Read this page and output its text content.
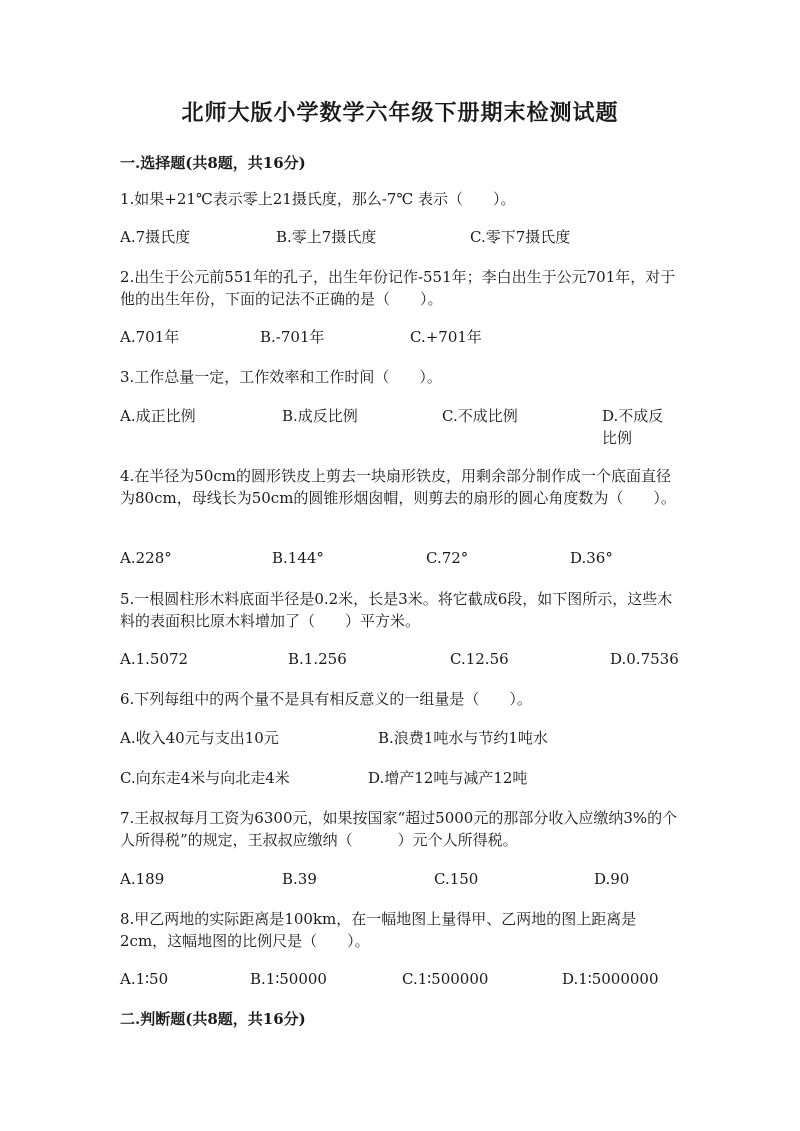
北师大版小学数学六年级下册期末检测试题
一.选择题(共8题，共16分)
1.如果+21℃表示零上21摄氏度，那么-7℃ 表示（　　）。
A.7摄氏度	B.零上7摄氏度	C.零下7摄氏度
2.出生于公元前551年的孔子，出生年份记作-551年；李白出生于公元701年，对于他的出生年份，下面的记法不正确的是（　　）。
A.701年	B.-701年	C.+701年
3.工作总量一定，工作效率和工作时间（　　）。
A.成正比例	B.成反比例	C.不成比例	D.不成反比例
4.在半径为50cm的圆形铁皮上剪去一块扇形铁皮，用剩余部分制作成一个底面直径为80cm，母线长为50cm的圆锥形烟囱帽，则剪去的扇形的圆心角度数为（　　）。
A.228°	B.144°	C.72°	D.36°
5.一根圆柱形木料底面半径是0.2米，长是3米。将它截成6段，如下图所示，这些木料的表面积比原木料增加了（　　）平方米。
A.1.5072	B.1.256	C.12.56	D.0.7536
6.下列每组中的两个量不是具有相反意义的一组量是（　　）。
A.收入40元与支出10元	B.浪费1吨水与节约1吨水
C.向东走4米与向北走4米	D.增产12吨与减产12吨
7.王叔叔每月工资为6300元，如果按国家“超过5000元的那部分收入应缴纳3%的个人所得税”的规定，王叔叔应缴纳（　　　）元个人所得税。
A.189	B.39	C.150	D.90
8.甲乙两地的实际距离是100km，在一幅地图上量得甲、乙两地的图上距离是2cm，这幅地图的比例尺是（　　）。
A.1∶50	B.1∶50000	C.1∶500000	D.1∶5000000
二.判断题(共8题，共16分)
